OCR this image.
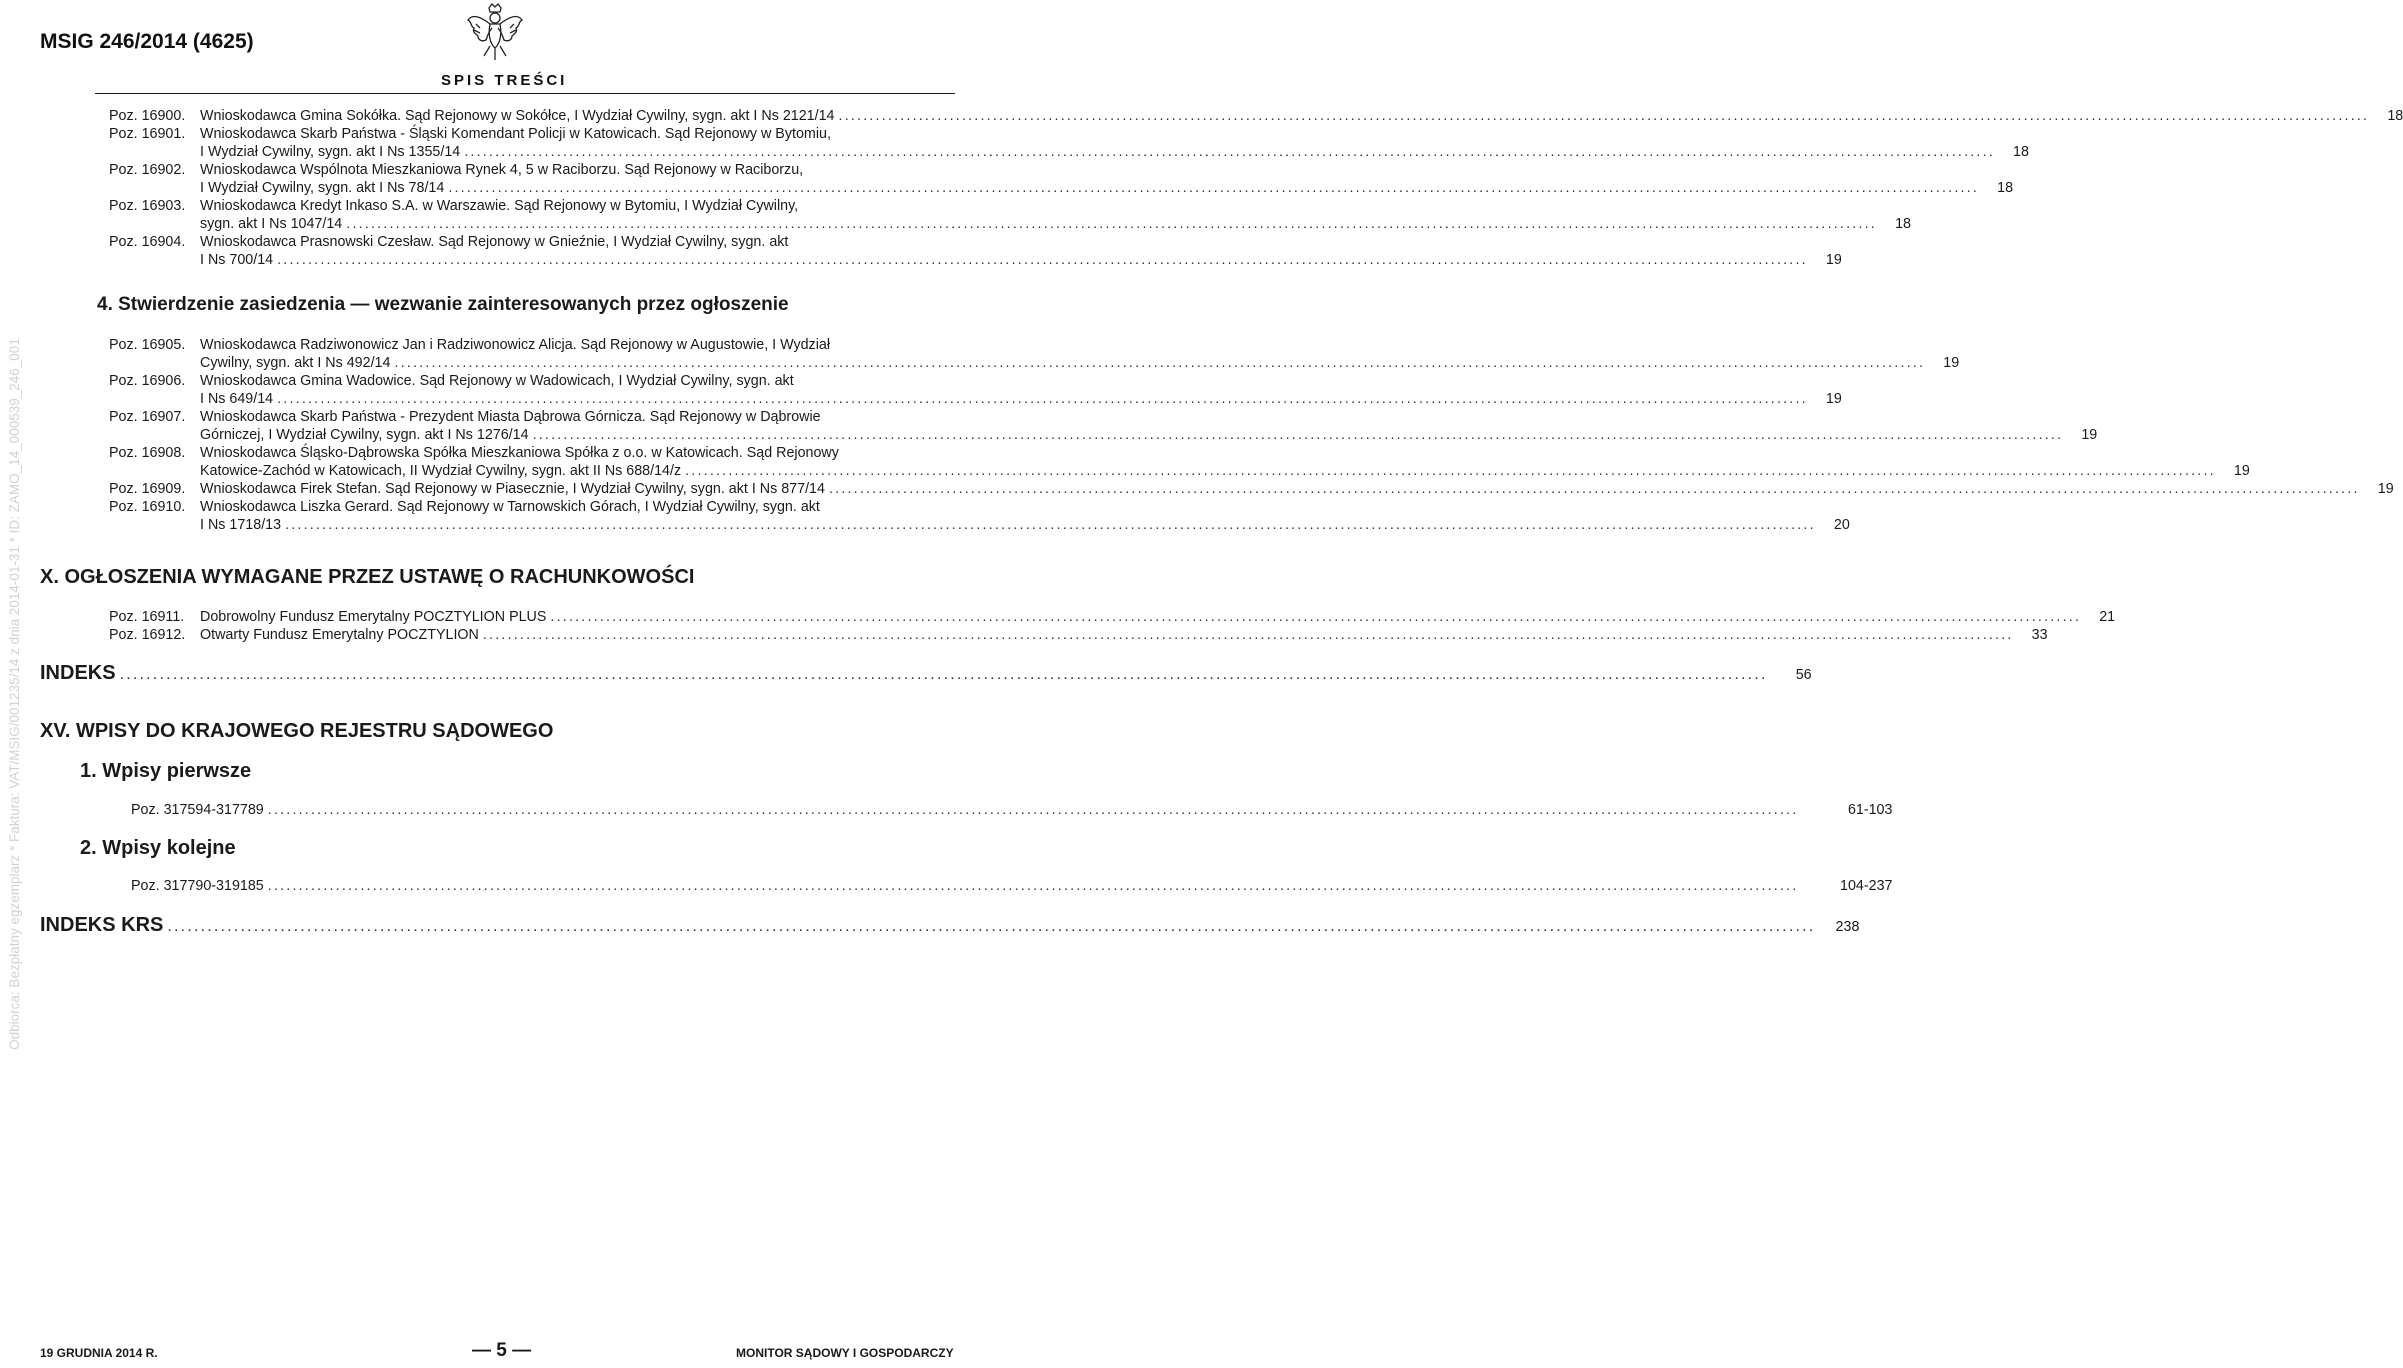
MSIG 246/2014 (4625)
SPIS TREŚCI
Odbiorca: Bezpłatny egzemplarz * Faktura: VAT/MSIG/001235/14 z dnia 2014-01-31 * ID: ZAMO_14_000539_246_001
Poz. 16900.	Wnioskodawca Gmina Sokółka. Sąd Rejonowy w Sokółce, I Wydział Cywilny, sygn. akt I Ns 2121/14 .....	18
Poz. 16901.	Wnioskodawca Skarb Państwa - Śląski Komendant Policji w Katowicach. Sąd Rejonowy w Bytomiu,
I Wydział Cywilny, sygn. akt I Ns 1355/14 .....	18
Poz. 16902.	Wnioskodawca Wspólnota Mieszkaniowa Rynek 4, 5 w Raciborzu. Sąd Rejonowy w Raciborzu,
I Wydział Cywilny, sygn. akt I Ns 78/14 .....	18
Poz. 16903.	Wnioskodawca Kredyt Inkaso S.A. w Warszawie. Sąd Rejonowy w Bytomiu, I Wydział Cywilny,
sygn. akt I Ns 1047/14 .....	18
Poz. 16904.	Wnioskodawca Prasnowski Czesław. Sąd Rejonowy w Gnieźnie, I Wydział Cywilny, sygn. akt
I Ns 700/14 .....	19
4. Stwierdzenie zasiedzenia — wezwanie zainteresowanych przez ogłoszenie
Poz. 16905.	Wnioskodawca Radziwonowicz Jan i Radziwonowicz Alicja. Sąd Rejonowy w Augustowie, I Wydział
Cywilny, sygn. akt I Ns 492/14 .....	19
Poz. 16906.	Wnioskodawca Gmina Wadowice. Sąd Rejonowy w Wadowicach, I Wydział Cywilny, sygn. akt
I Ns 649/14 .....	19
Poz. 16907.	Wnioskodawca Skarb Państwa - Prezydent Miasta Dąbrowa Górnicza. Sąd Rejonowy w Dąbrowie
Górniczej, I Wydział Cywilny, sygn. akt I Ns 1276/14 .....	19
Poz. 16908.	Wnioskodawca Śląsko-Dąbrowska Spółka Mieszkaniowa Spółka z o.o. w Katowicach. Sąd Rejonowy
Katowice-Zachód w Katowicach, II Wydział Cywilny, sygn. akt II Ns 688/14/z .....	19
Poz. 16909.	Wnioskodawca Firek Stefan. Sąd Rejonowy w Piasecznie, I Wydział Cywilny, sygn. akt I Ns 877/14 .....	19
Poz. 16910.	Wnioskodawca Liszka Gerard. Sąd Rejonowy w Tarnowskich Górach, I Wydział Cywilny, sygn. akt
I Ns 1718/13 .....	20
X. OGŁOSZENIA WYMAGANE PRZEZ USTAWĘ O RACHUNKOWOŚCI
Poz. 16911.	Dobrowolny Fundusz Emerytalny POCZTYLION PLUS .....	21
Poz. 16912.	Otwarty Fundusz Emerytalny POCZTYLION .....	33
INDEKS .....	56
XV. WPISY DO KRAJOWEGO REJESTRU SĄDOWEGO
1. Wpisy pierwsze
Poz. 317594-317789 .....	61-103
2. Wpisy kolejne
Poz. 317790-319185 .....	104-237
INDEKS KRS .....	238
19 GRUDNIA 2014 R.	— 5 —	MONITOR SĄDOWY I GOSPODARCZY
